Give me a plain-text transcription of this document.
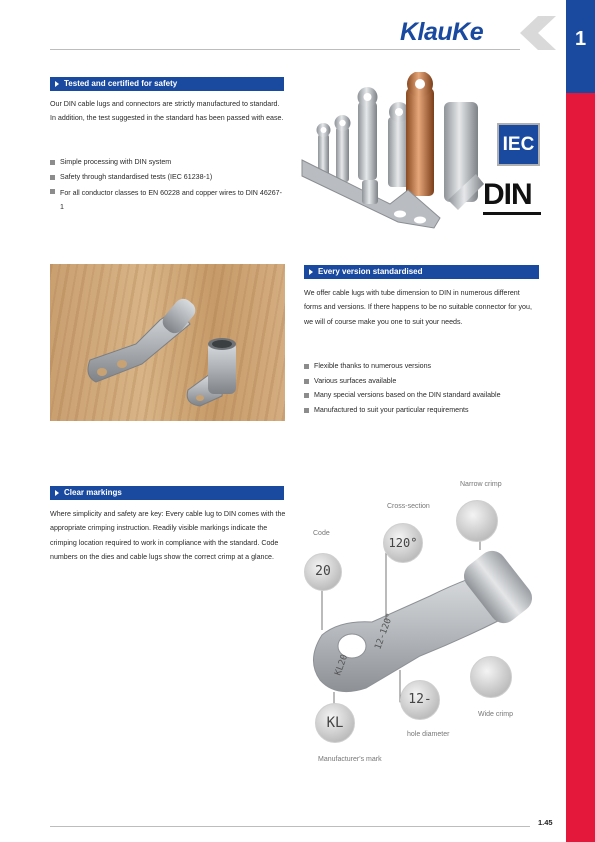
1
KlauKe
Tested and certified for safety
Our DIN cable lugs and connectors are strictly manufactured to standard. In addition, the test suggested in the standard has been passed with ease.
Simple processing with DIN system
Safety through standardised tests (IEC 61238-1)
For all conductor classes to EN 60228 and copper wires to DIN 46267-1
IEC
DIN
Every version standardised
We offer cable lugs with tube dimension to DIN in numerous different forms and versions. If there happens to be no suitable connector for you, we will of course make you one to suit your needs.
Flexible thanks to numerous versions
Various surfaces available
Many special versions based on the DIN standard available
Manufactured to suit your particular requirements
Clear markings
Where simplicity and safety are key: Every cable lug to DIN comes with the appropriate crimping instruction. Readily visible markings indicate the crimping location required to work in compliance with the standard. Code numbers on the dies and cable lugs show the correct crimp at a glance.
KL20
12-120°
20
120°
12-
KL
Narrow crimp
Cross-section
Code
Wide crimp
hole diameter
Manufacturer's mark
1.45
